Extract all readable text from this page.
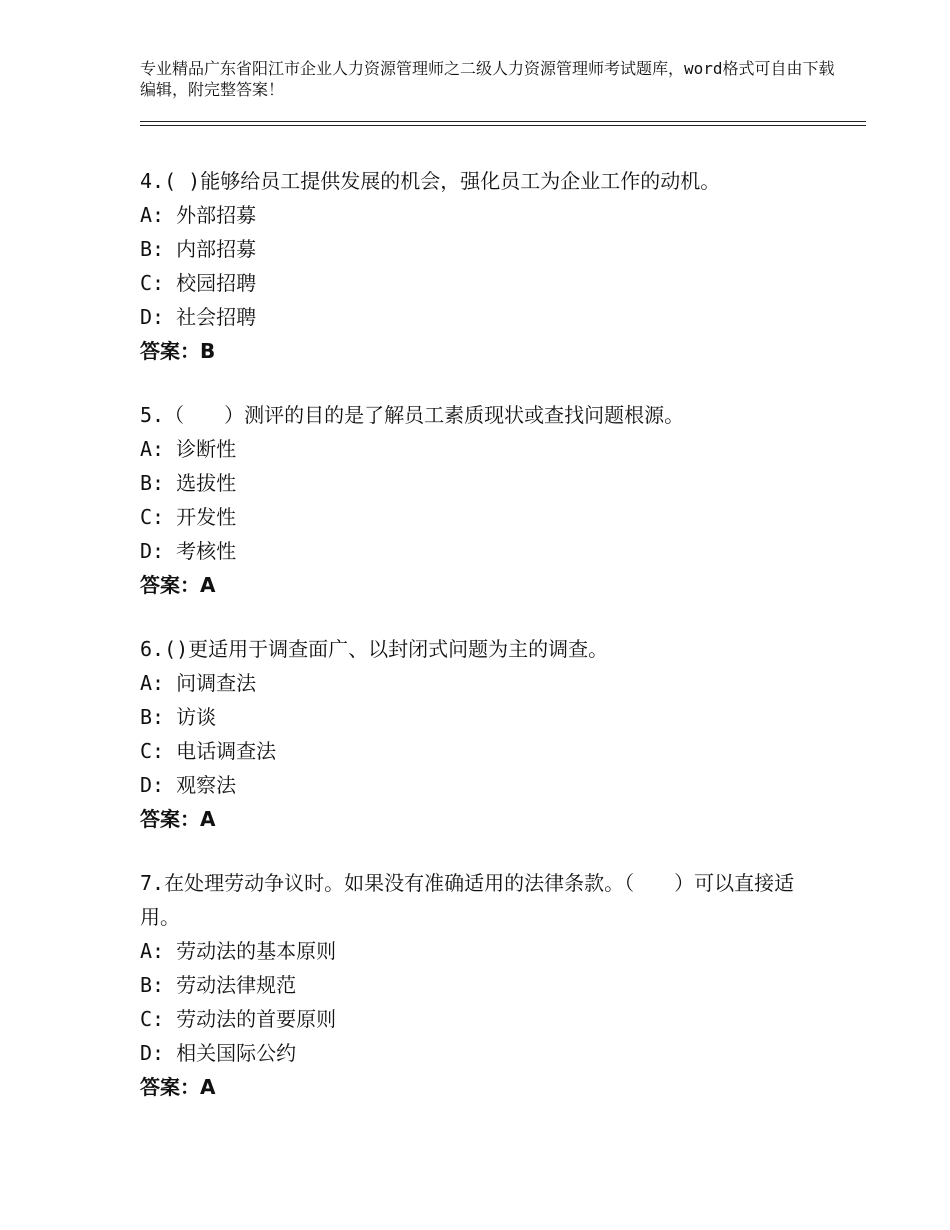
专业精品广东省阳江市企业人力资源管理师之二级人力资源管理师考试题库，word格式可自由下载编辑，附完整答案！
4.( )能够给员工提供发展的机会，强化员工为企业工作的动机。
A: 外部招募
B: 内部招募
C: 校园招聘
D: 社会招聘
答案：B
5.（　　）测评的目的是了解员工素质现状或查找问题根源。
A: 诊断性
B: 选拔性
C: 开发性
D: 考核性
答案：A
6.()更适用于调查面广、以封闭式问题为主的调查。
A: 问调查法
B: 访谈
C: 电话调查法
D: 观察法
答案：A
7.在处理劳动争议时。如果没有准确适用的法律条款。（　　）可以直接适用。
A: 劳动法的基本原则
B: 劳动法律规范
C: 劳动法的首要原则
D: 相关国际公约
答案：A
